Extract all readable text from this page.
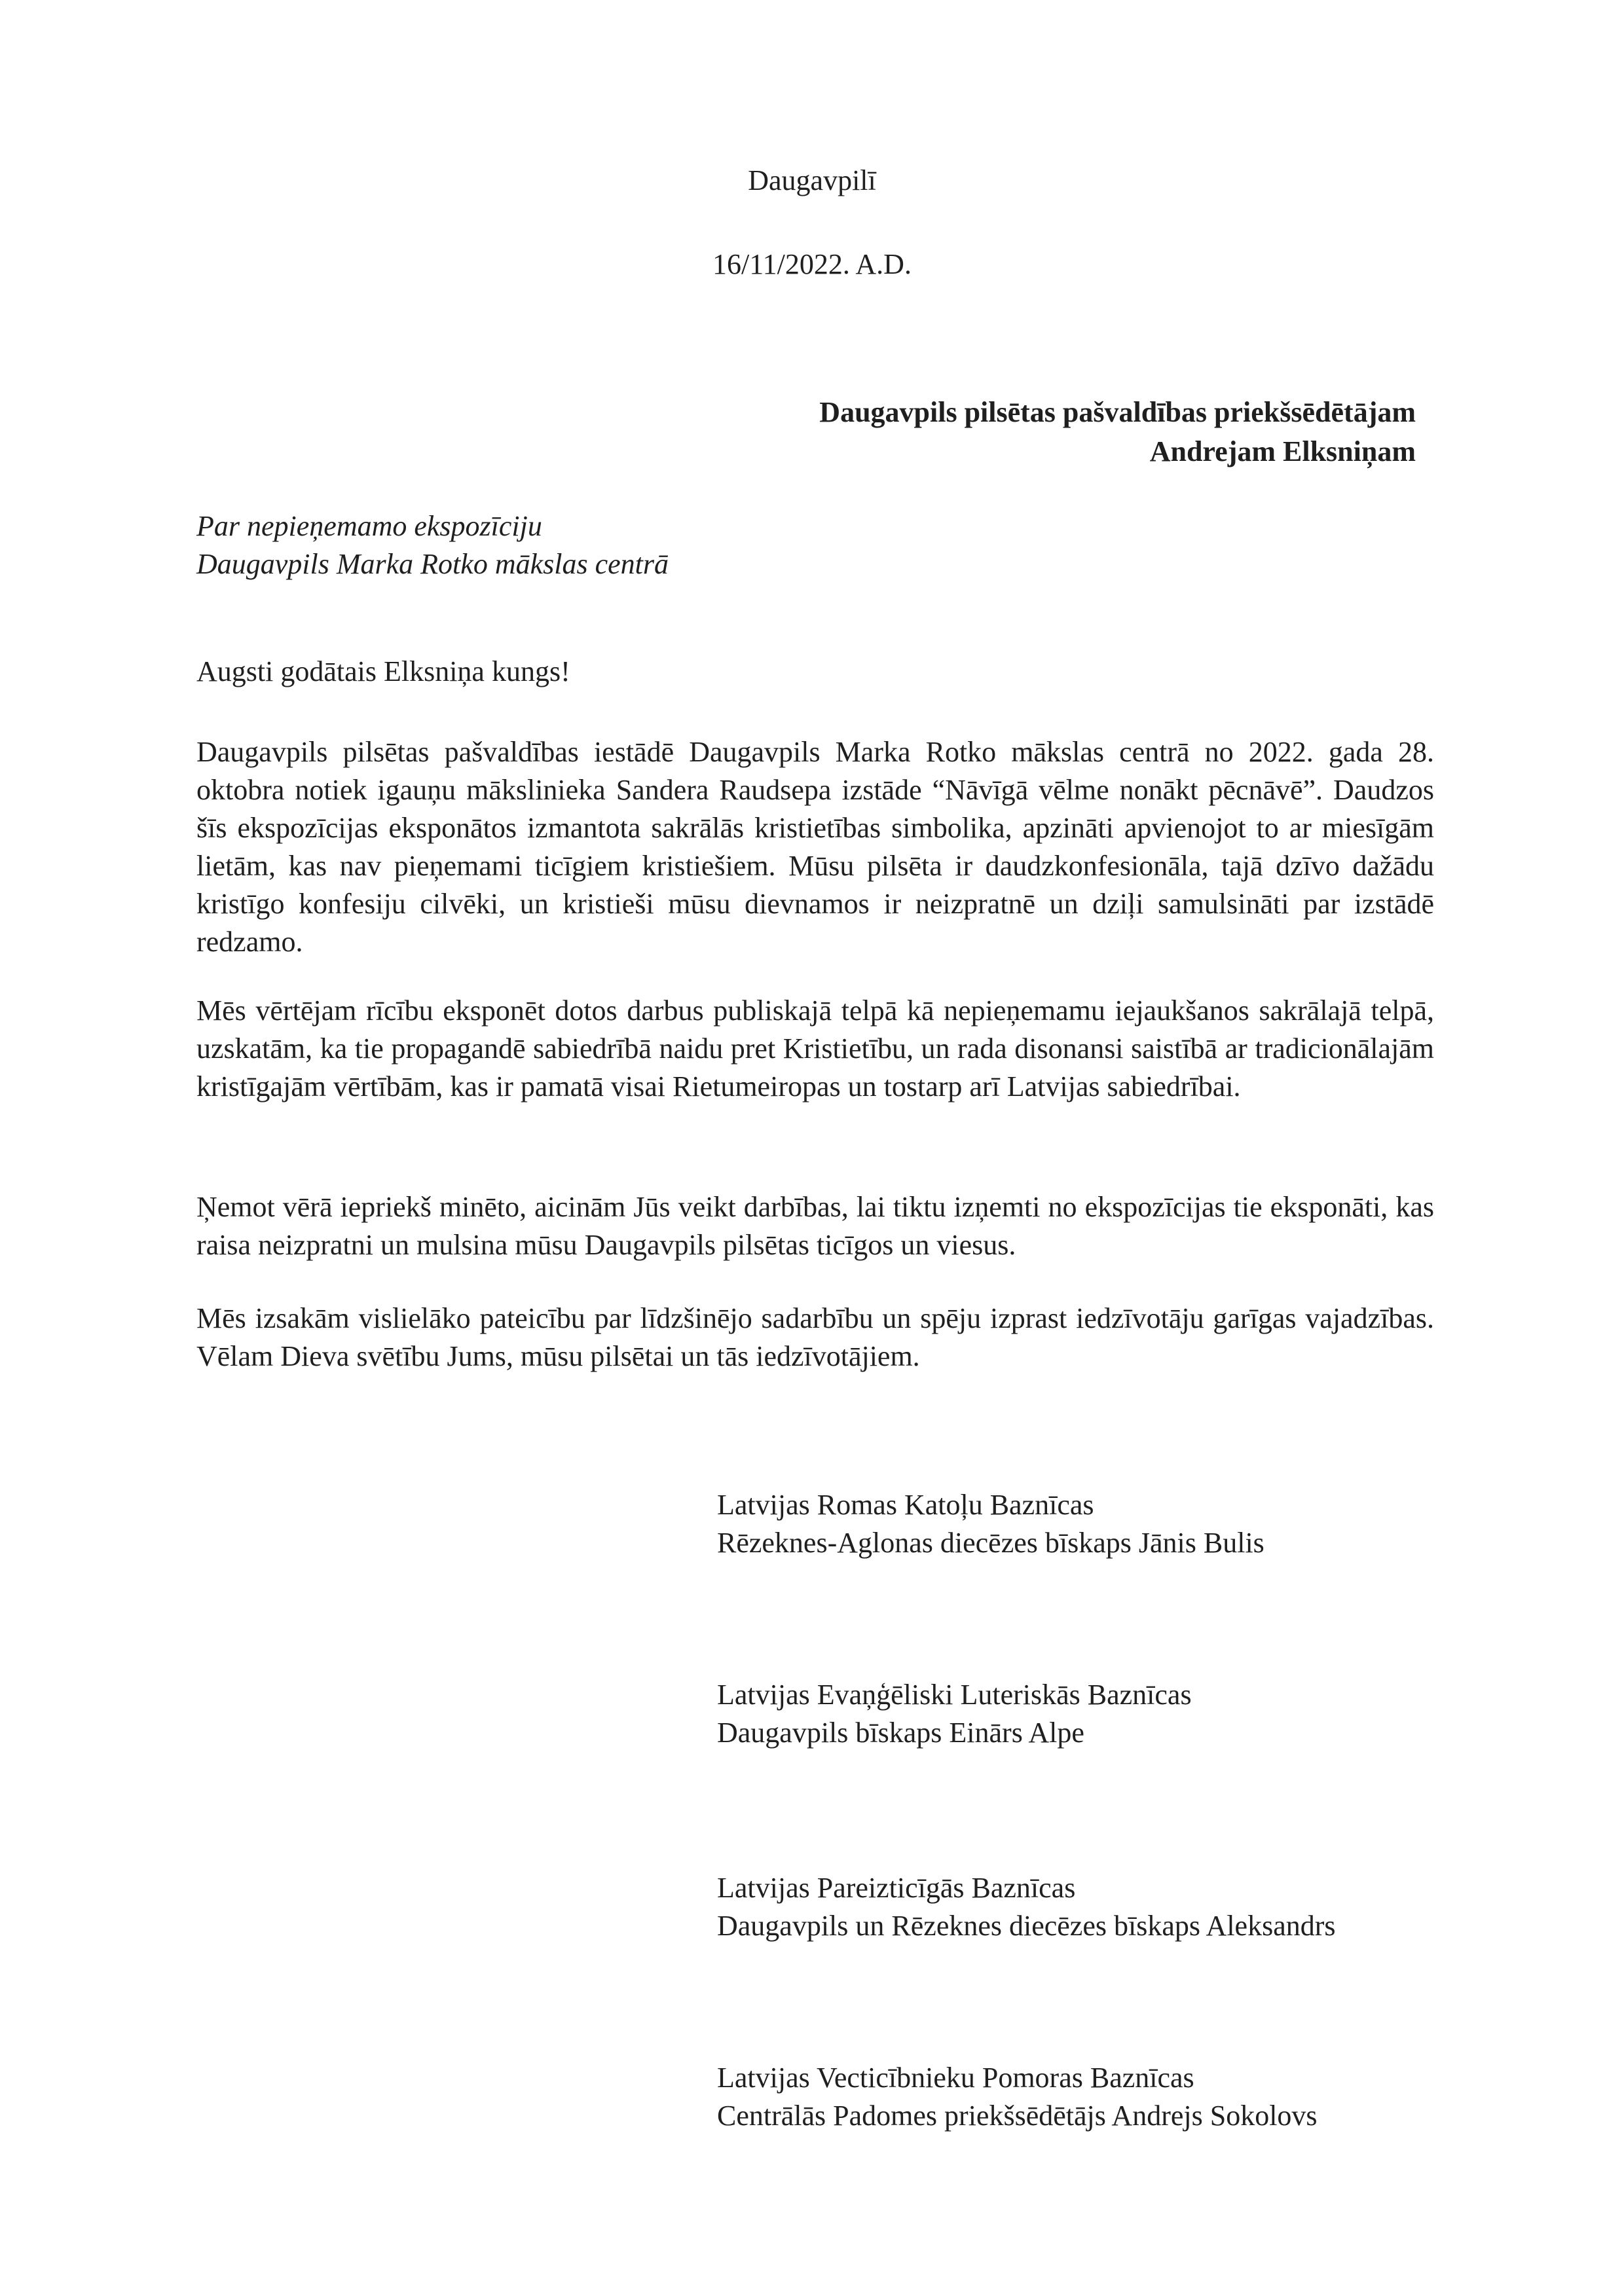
Daugavpilī
16/11/2022. A.D.
Daugavpils pilsētas pašvaldības priekšsēdētājam
Andrejam Elksniņam
Par nepieņemamo ekspozīciju
Daugavpils Marka Rotko mākslas centrā
Augsti godātais Elksniņa kungs!
Daugavpils pilsētas pašvaldības iestādē Daugavpils Marka Rotko mākslas centrā no 2022. gada 28. oktobra notiek igauņu mākslinieka Sandera Raudsepa izstāde “Nāvīgā vēlme nonākt pēcnāvē”. Daudzos šīs ekspozīcijas eksponātos izmantota sakrālās kristietības simbolika, apzināti apvienojot to ar miesīgām lietām, kas nav pieņemami ticīgiem kristiešiem. Mūsu pilsēta ir daudzkonfesionāla, tajā dzīvo dažādu kristīgo konfesiju cilvēki, un kristieši mūsu dievnamos ir neizpratnē un dziļi samulsināti par izstādē redzamo.
Mēs vērtējam rīcību eksponēt dotos darbus publiskajā telpā kā nepieņemamu iejaukšanos sakrālajā telpā, uzskatām, ka tie propagandē sabiedrībā naidu pret Kristietību, un rada disonansi saistībā ar tradicionālajām kristīgajām vērtībām, kas ir pamatā visai Rietumeiropas un tostarp arī Latvijas sabiedrībai.
Ņemot vērā iepriekš minēto, aicinām Jūs veikt darbības, lai tiktu izņemti no ekspozīcijas tie eksponāti, kas raisa neizpratni un mulsina mūsu Daugavpils pilsētas ticīgos un viesus.
Mēs izsakām vislielāko pateicību par līdzšinējo sadarbību un spēju izprast iedzīvotāju garīgas vajadzības. Vēlam Dieva svētību Jums, mūsu pilsētai un tās iedzīvotājiem.
Latvijas Romas Katoļu Baznīcas
Rēzeknes-Aglonas diecēzes bīskaps Jānis Bulis
Latvijas Evaņģēliski Luteriskās Baznīcas
Daugavpils bīskaps Einārs Alpe
Latvijas Pareizticīgās Baznīcas
Daugavpils un Rēzeknes diecēzes bīskaps Aleksandrs
Latvijas Vecticībnieku Pomoras Baznīcas
Centrālās Padomes priekšsēdētājs Andrejs Sokolovs
